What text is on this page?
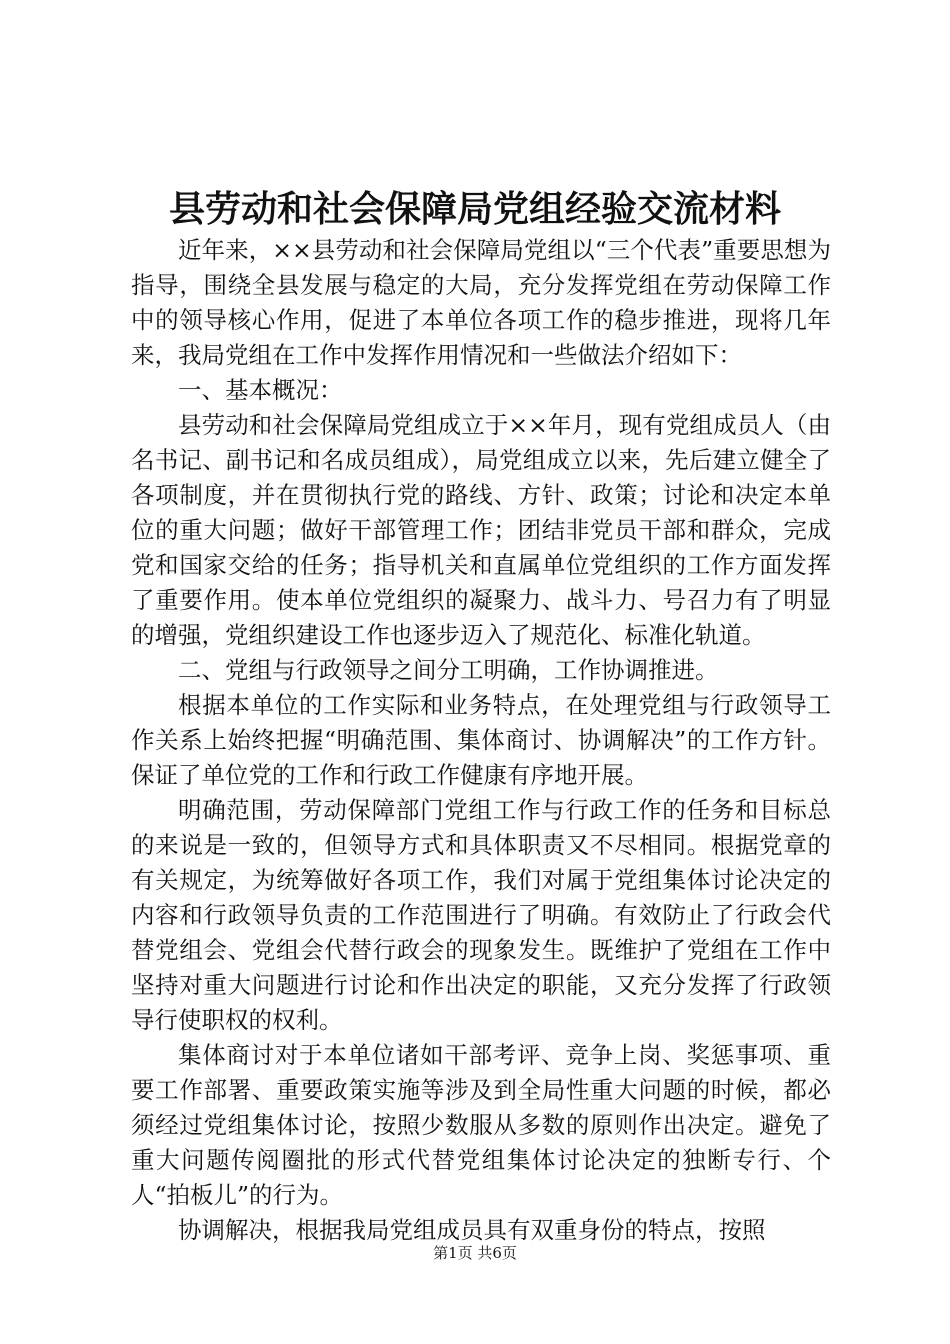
县劳动和社会保障局党组经验交流材料

近年来，××县劳动和社会保障局党组以“三个代表”重要思想为指导，围绕全县发展与稳定的大局，充分发挥党组在劳动保障工作中的领导核心作用，促进了本单位各项工作的稳步推进，现将几年来，我局党组在工作中发挥作用情况和一些做法介绍如下：

一、基本概况：

县劳动和社会保障局党组成立于××年月，现有党组成员人（由名书记、副书记和名成员组成），局党组成立以来，先后建立健全了各项制度，并在贯彻执行党的路线、方针、政策；讨论和决定本单位的重大问题；做好干部管理工作；团结非党员干部和群众，完成党和国家交给的任务；指导机关和直属单位党组织的工作方面发挥了重要作用。使本单位党组织的凝聚力、战斗力、号召力有了明显的增强，党组织建设工作也逐步迈入了规范化、标准化轨道。

二、党组与行政领导之间分工明确，工作协调推进。

根据本单位的工作实际和业务特点，在处理党组与行政领导工作关系上始终把握“明确范围、集体商讨、协调解决”的工作方针。保证了单位党的工作和行政工作健康有序地开展。

明确范围，劳动保障部门党组工作与行政工作的任务和目标总的来说是一致的，但领导方式和具体职责又不尽相同。根据党章的有关规定，为统筹做好各项工作，我们对属于党组集体讨论决定的内容和行政领导负责的工作范围进行了明确。有效防止了行政会代替党组会、党组会代替行政会的现象发生。既维护了党组在工作中坚持对重大问题进行讨论和作出决定的职能，又充分发挥了行政领导行使职权的权利。

集体商讨对于本单位诸如干部考评、竞争上岗、奖惩事项、重要工作部署、重要政策实施等涉及到全局性重大问题的时候，都必须经过党组集体讨论，按照少数服从多数的原则作出决定。避免了重大问题传阅圈批的形式代替党组集体讨论决定的独断专行、个人“拍板儿”的行为。

协调解决，根据我局党组成员具有双重身份的特点，按照

第1页 共6页
